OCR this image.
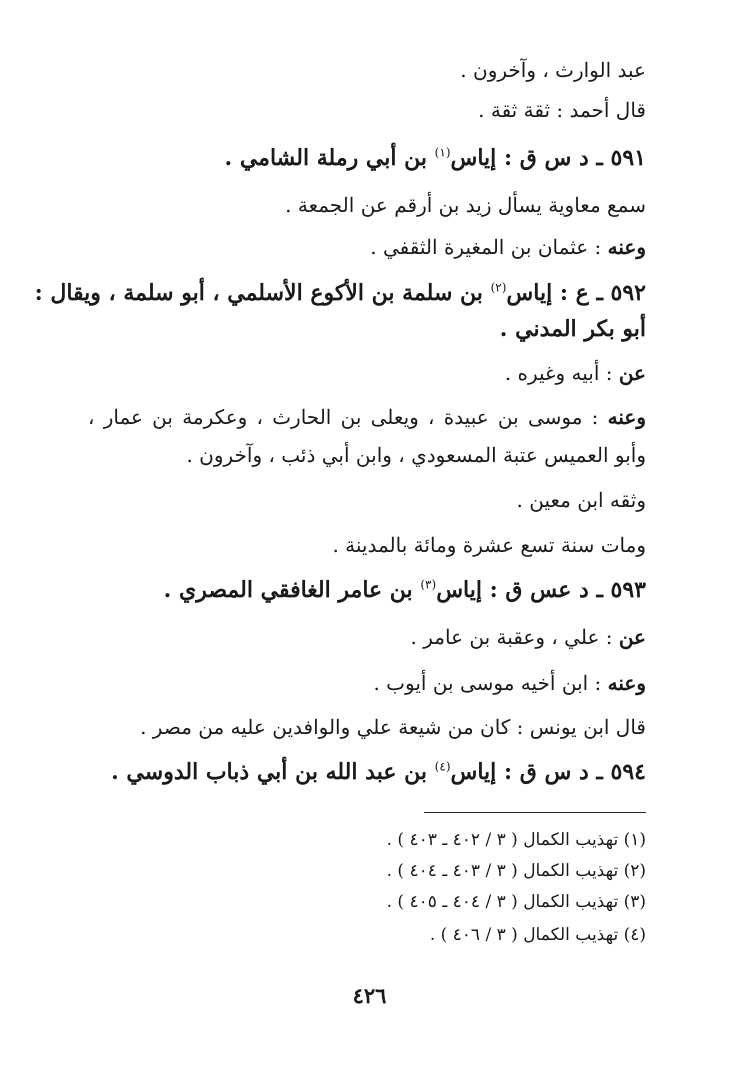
عبد الوارث ، وآخرون .
قال أحمد : ثقة ثقة .
٥٩١ ـ د س ق : إياس$^{(١)}$ بن أبي رملة الشامي .
سمع معاوية يسأل زيد بن أرقم عن الجمعة .
وعنه : عثمان بن المغيرة الثقفي .
٥٩٢ ـ ع : إياس$^{(٢)}$ بن سلمة بن الأكوع الأسلمي ، أبو سلمة ، ويقال :
أبو بكر المدني .
عن : أبيه وغيره .
وعنه : موسى بن عبيدة ، ويعلى بن الحارث ، وعكرمة بن عمار ،
وأبو العميس عتبة المسعودي ، وابن أبي ذئب ، وآخرون .
وثقه ابن معين .
ومات سنة تسع عشرة ومائة بالمدينة .
٥٩٣ ـ د عس ق : إياس$^{(٣)}$ بن عامر الغافقي المصري .
عن : علي ، وعقبة بن عامر .
وعنه : ابن أخيه موسى بن أيوب .
قال ابن يونس : كان من شيعة علي والوافدين عليه من مصر .
٥٩٤ ـ د س ق : إياس$^{(٤)}$ بن عبد الله بن أبي ذباب الدوسي .
(١) تهذيب الكمال ( ٣ / ٤٠٢ ـ ٤٠٣ ) .
(٢) تهذيب الكمال ( ٣ / ٤٠٣ ـ ٤٠٤ ) .
(٣) تهذيب الكمال ( ٣ / ٤٠٤ ـ ٤٠٥ ) .
(٤) تهذيب الكمال ( ٣ / ٤٠٦ ) .
٤٢٦
